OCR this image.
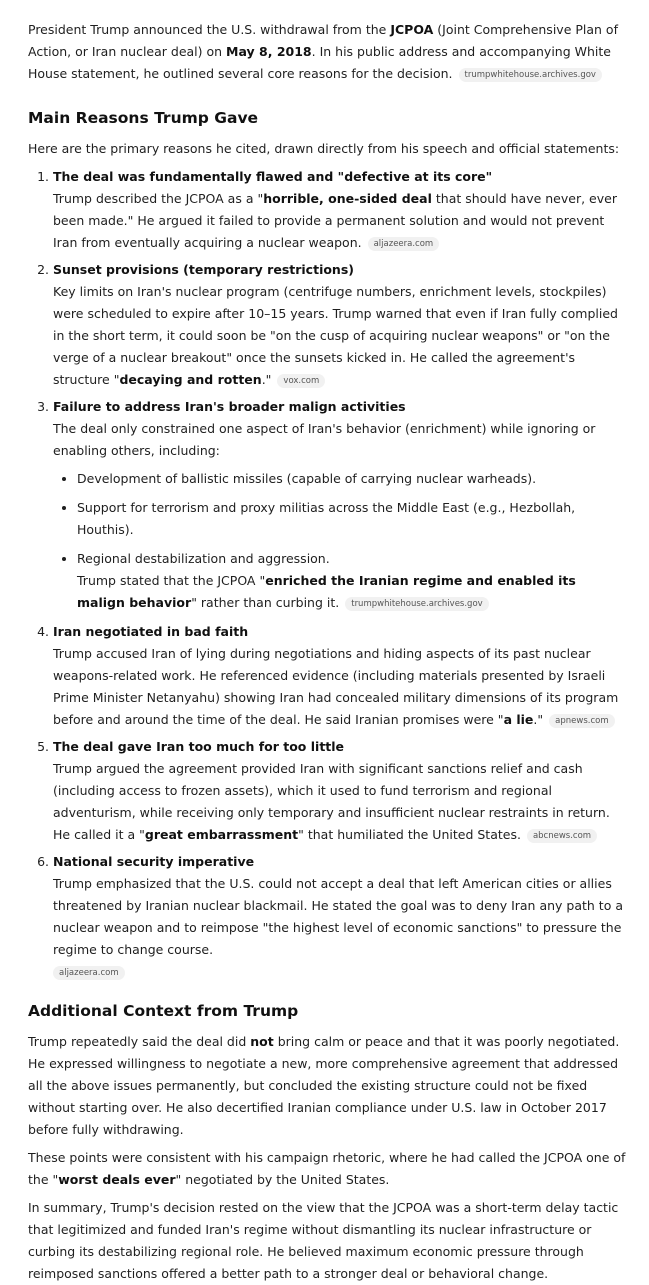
President Trump announced the U.S. withdrawal from the JCPOA (Joint Comprehensive Plan of Action, or Iran nuclear deal) on May 8, 2018. In his public address and accompanying White House statement, he outlined several core reasons for the decision. trumpwhitehouse.archives.gov

Main Reasons Trump Gave

Here are the primary reasons he cited, drawn directly from his speech and official statements:

1. The deal was fundamentally flawed and "defective at its core"
Trump described the JCPOA as a "horrible, one-sided deal that should have never, ever been made." He argued it failed to provide a permanent solution and would not prevent Iran from eventually acquiring a nuclear weapon. aljazeera.com
2. Sunset provisions (temporary restrictions)
Key limits on Iran's nuclear program (centrifuge numbers, enrichment levels, stockpiles) were scheduled to expire after 10–15 years. Trump warned that even if Iran fully complied in the short term, it could soon be "on the cusp of acquiring nuclear weapons" or "on the verge of a nuclear breakout" once the sunsets kicked in. He called the agreement's structure "decaying and rotten." vox.com
3. Failure to address Iran's broader malign activities
The deal only constrained one aspect of Iran's behavior (enrichment) while ignoring or enabling others, including:
• Development of ballistic missiles (capable of carrying nuclear warheads).
• Support for terrorism and proxy militias across the Middle East (e.g., Hezbollah, Houthis).
• Regional destabilization and aggression.
Trump stated that the JCPOA "enriched the Iranian regime and enabled its malign behavior" rather than curbing it. trumpwhitehouse.archives.gov
4. Iran negotiated in bad faith
Trump accused Iran of lying during negotiations and hiding aspects of its past nuclear weapons-related work. He referenced evidence (including materials presented by Israeli Prime Minister Netanyahu) showing Iran had concealed military dimensions of its program before and around the time of the deal. He said Iranian promises were "a lie." apnews.com
5. The deal gave Iran too much for too little
Trump argued the agreement provided Iran with significant sanctions relief and cash (including access to frozen assets), which it used to fund terrorism and regional adventurism, while receiving only temporary and insufficient nuclear restraints in return. He called it a "great embarrassment" that humiliated the United States. abcnews.com
6. National security imperative
Trump emphasized that the U.S. could not accept a deal that left American cities or allies threatened by Iranian nuclear blackmail. He stated the goal was to deny Iran any path to a nuclear weapon and to reimpose "the highest level of economic sanctions" to pressure the regime to change course.
aljazeera.com
Additional Context from Trump

Trump repeatedly said the deal did not bring calm or peace and that it was poorly negotiated. He expressed willingness to negotiate a new, more comprehensive agreement that addressed all the above issues permanently, but concluded the existing structure could not be fixed without starting over. He also decertified Iranian compliance under U.S. law in October 2017 before fully withdrawing.

These points were consistent with his campaign rhetoric, where he had called the JCPOA one of the "worst deals ever" negotiated by the United States.

In summary, Trump's decision rested on the view that the JCPOA was a short-term delay tactic that legitimized and funded Iran's regime without dismantling its nuclear infrastructure or curbing its destabilizing regional role. He believed maximum economic pressure through reimposed sanctions offered a better path to a stronger deal or behavioral change.
